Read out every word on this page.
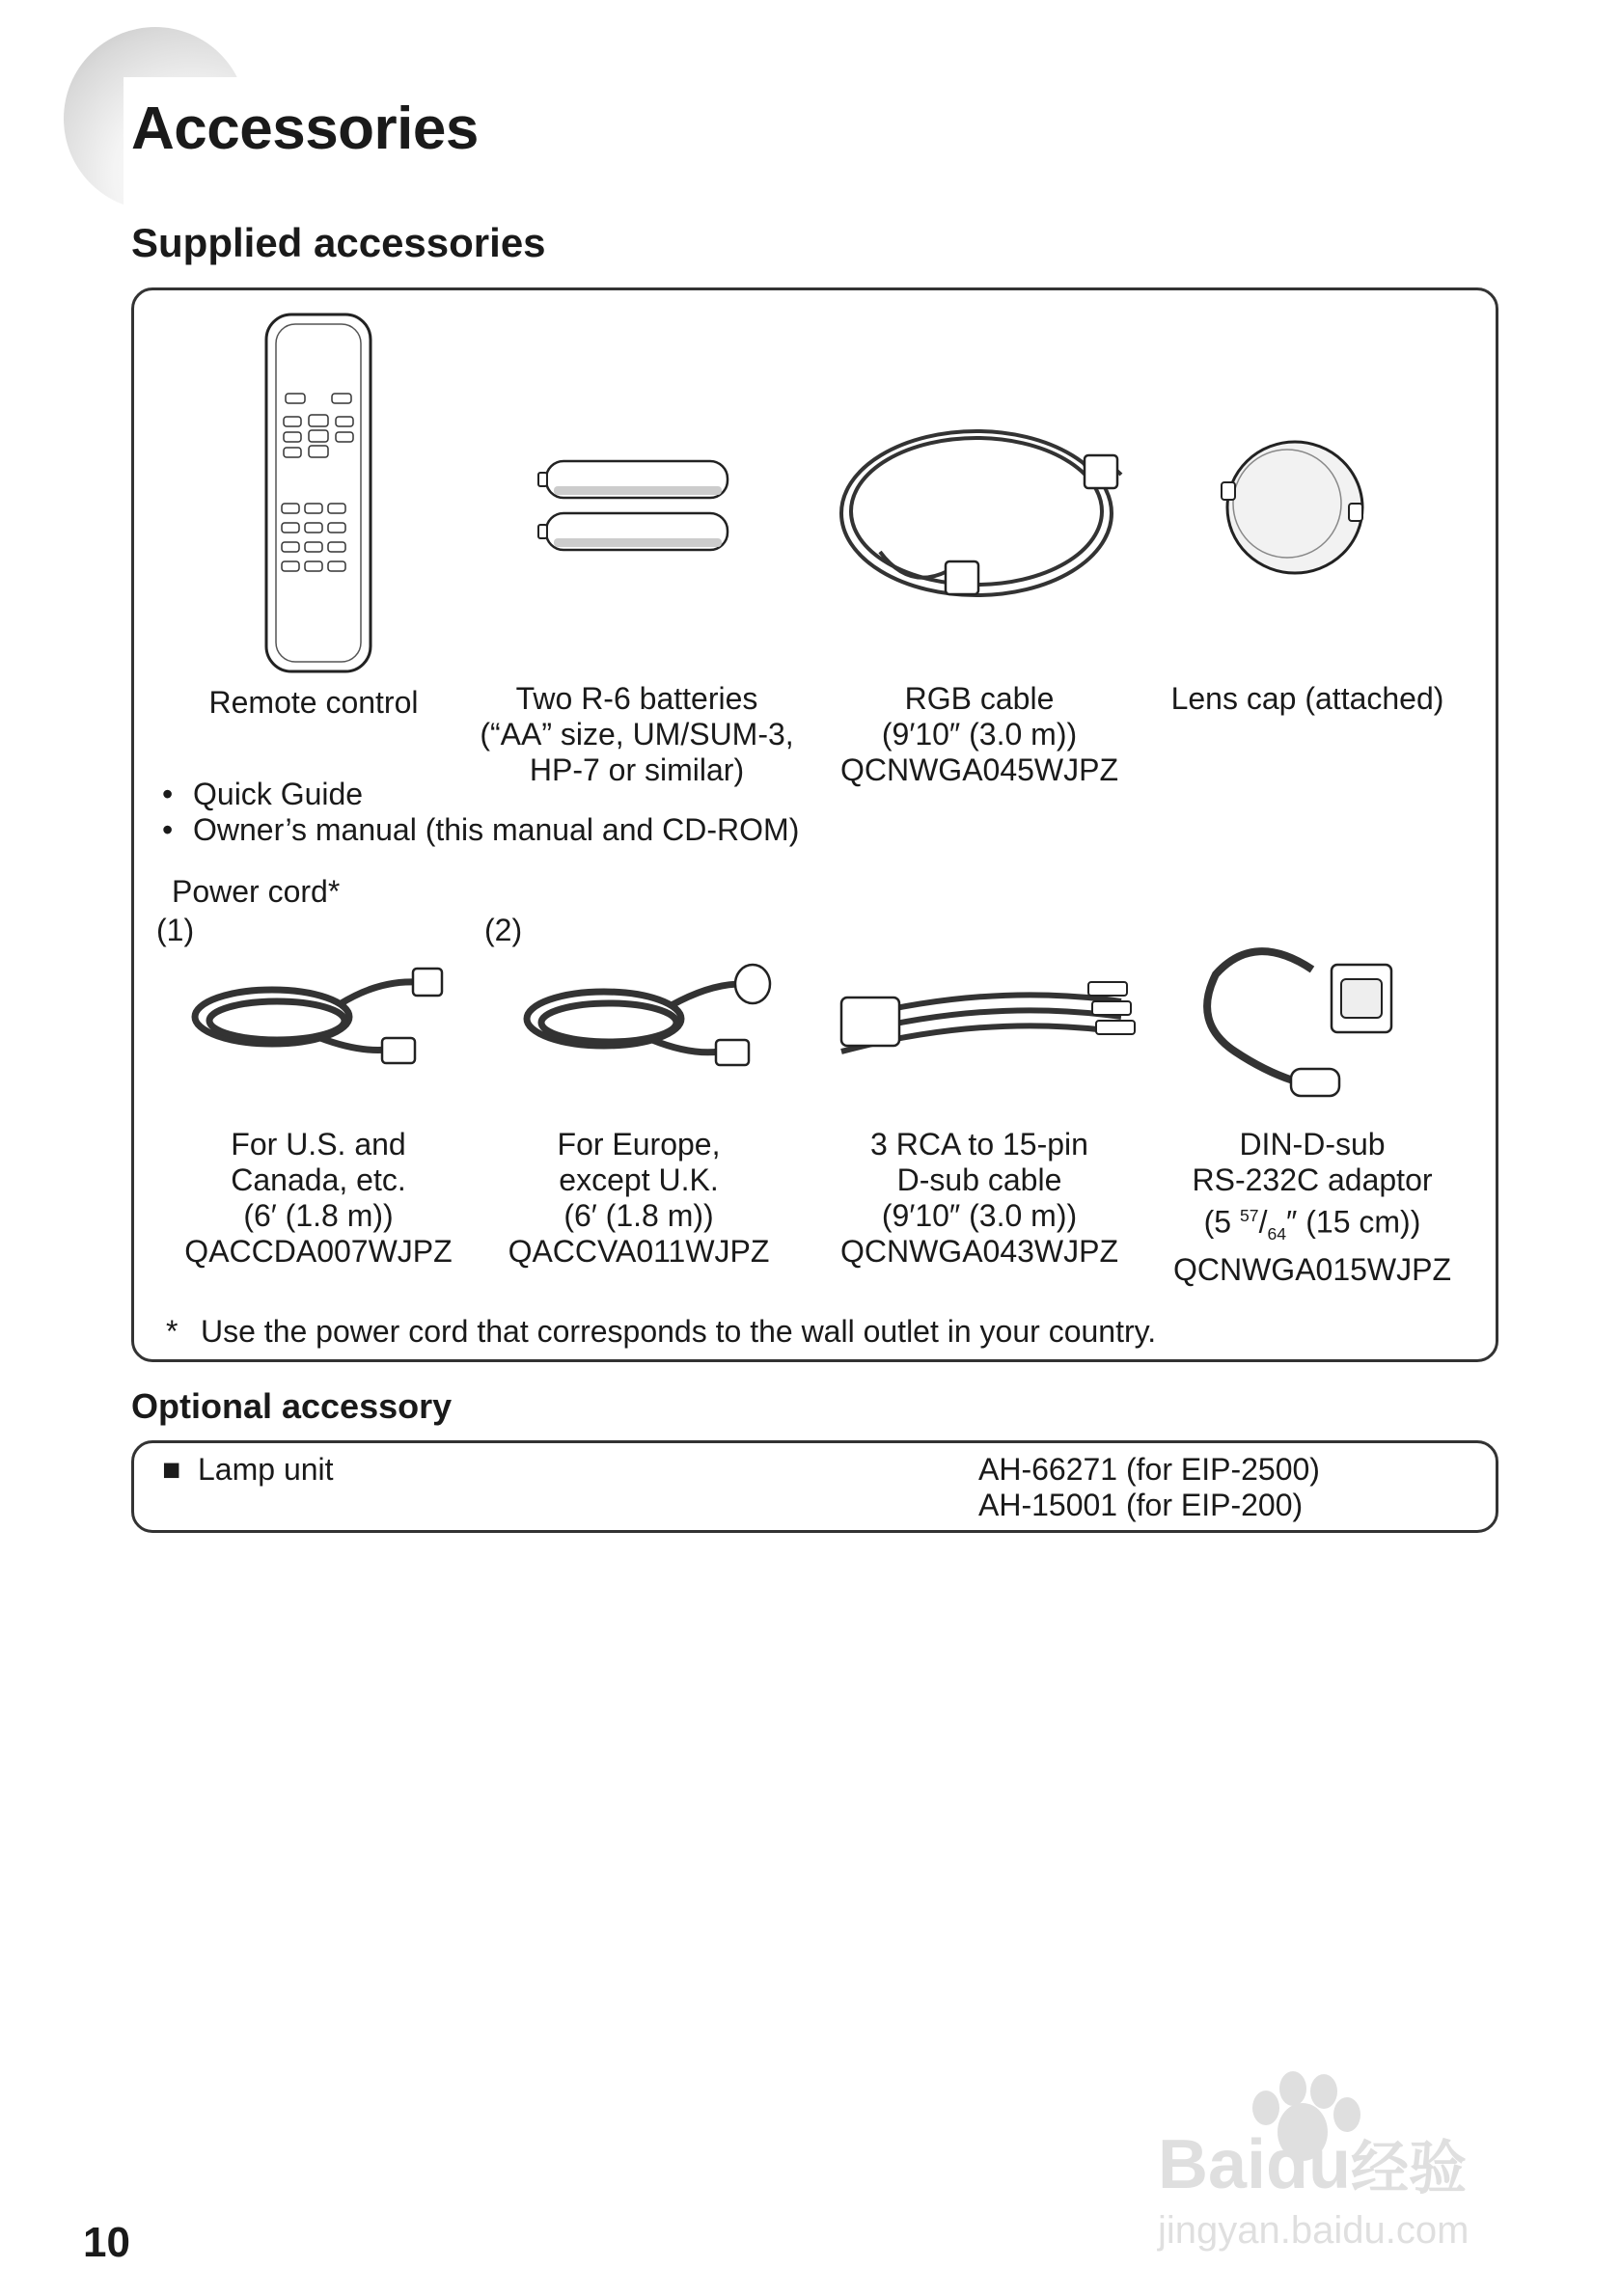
Accessories
Supplied accessories
Remote control	Two R-6 batteries
(“AA” size, UM/SUM-3,
HP-7 or similar)
RGB cable
(9′10″ (3.0 m))
QCNWGA045WJPZ
Lens cap (attached)
• Quick Guide
• Owner’s manual (this manual and CD-ROM)
Power cord*
(1)	(2)
For U.S. and
Canada, etc.
(6′ (1.8 m))
QACCDA007WJPZ
For Europe,
except U.K.
(6′ (1.8 m))
QACCVA011WJPZ
3 RCA to 15-pin
D-sub cable
(9′10″ (3.0 m))
QCNWGA043WJPZ
DIN-D-sub
RS-232C adaptor
(5 $^{57}/_{64}''$ (15 cm))
QCNWGA015WJPZ
* Use the power cord that corresponds to the wall outlet in your country.
Optional accessory
■ Lamp unit	AH-66271 (for EIP-2500)
AH-15001 (for EIP-200)
10
Baidu经验
jingyan.baidu.com
